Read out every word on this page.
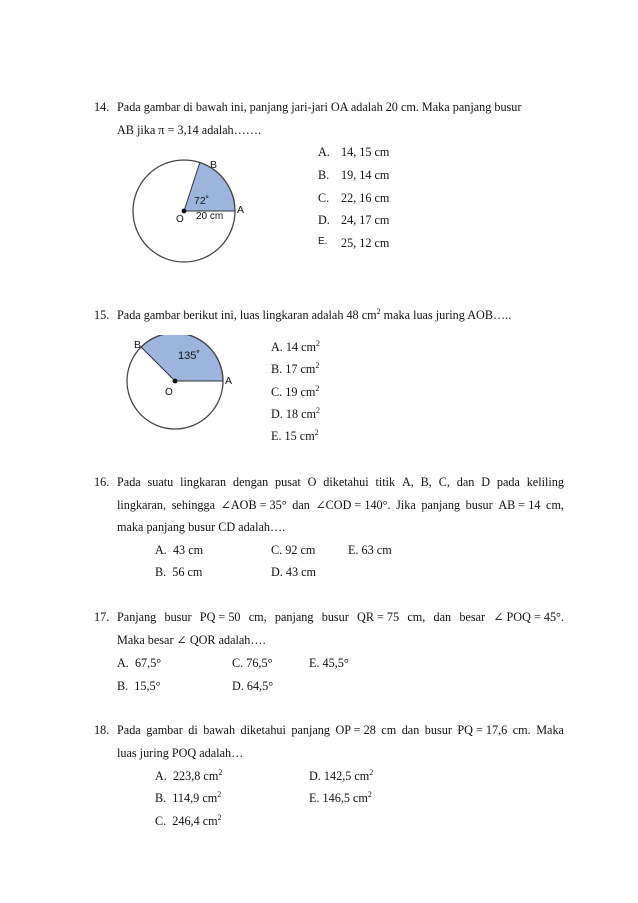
14. Pada gambar di bawah ini, panjang jari-jari OA adalah 20 cm. Maka panjang busur
AB jika π = 3,14 adalah…….
72˚
20 cm
B
A
O
A. 14, 15 cm
B. 19, 14 cm
C. 22, 16 cm
D. 24, 17 cm
E. 25, 12 cm
15. Pada gambar berikut ini, luas lingkaran adalah 48 $cm^2$ maka luas juring AOB…..
135˚
B
A
O
A. 14 $cm^2$
B. 17 $cm^2$
C. 19 $cm^2$
D. 18 $cm^2$
E. 15 $cm^2$
16. Pada suatu lingkaran dengan pusat O diketahui titik A, B, C, dan D pada keliling
lingkaran, sehingga ∠AOB = 35° dan ∠COD = 140°. Jika panjang busur AB = 14 cm,
maka panjang busur CD adalah….
A. 43 cm	C. 92 cm	E. 63 cm
B. 56 cm	D. 43 cm
17. Panjang busur PQ = 50 cm, panjang busur QR = 75 cm, dan besar ∠ POQ = 45°.
Maka besar ∠ QOR adalah….
A. 67,5°	C. 76,5°	E. 45,5°
B. 15,5°	D. 64,5°
18. Pada gambar di bawah diketahui panjang OP = 28 cm dan busur PQ = 17,6 cm. Maka
luas juring POQ adalah…
A. 223,8 $cm^2$	D. 142,5 $cm^2$
B. 114,9 $cm^2$	E. 146,5 $cm^2$
C. 246,4 $cm^2$
